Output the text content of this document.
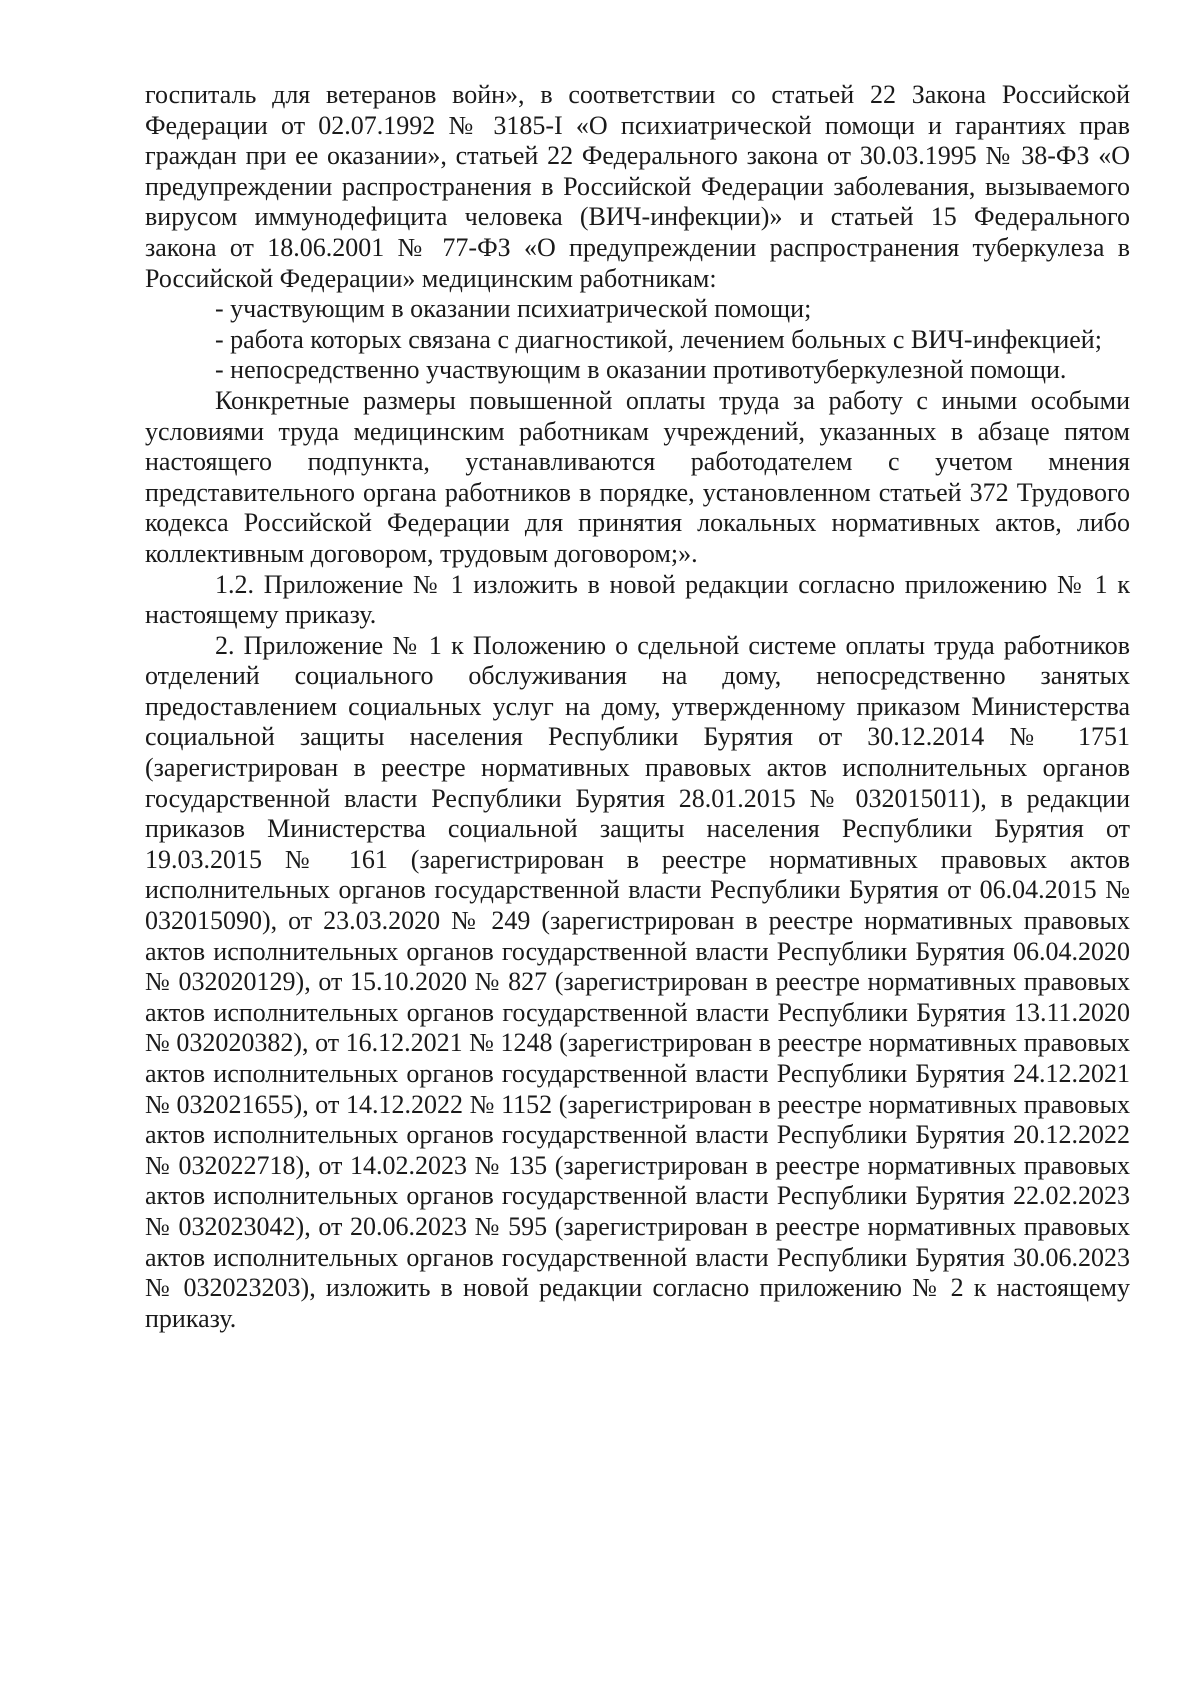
госпиталь для ветеранов войн», в соответствии со статьей 22 Закона Российской Федерации от 02.07.1992 № 3185-I «О психиатрической помощи и гарантиях прав граждан при ее оказании», статьей 22 Федерального закона от 30.03.1995 № 38-ФЗ «О предупреждении распространения в Российской Федерации заболевания, вызываемого вирусом иммунодефицита человека (ВИЧ-инфекции)» и статьей 15 Федерального закона от 18.06.2001 № 77-ФЗ «О предупреждении распространения туберкулеза в Российской Федерации» медицинским работникам:

- участвующим в оказании психиатрической помощи;

- работа которых связана с диагностикой, лечением больных с ВИЧ-инфекцией;

- непосредственно участвующим в оказании противотуберкулезной помощи.

Конкретные размеры повышенной оплаты труда за работу с иными особыми условиями труда медицинским работникам учреждений, указанных в абзаце пятом настоящего подпункта, устанавливаются работодателем с учетом мнения представительного органа работников в порядке, установленном статьей 372 Трудового кодекса Российской Федерации для принятия локальных нормативных актов, либо коллективным договором, трудовым договором;».

1.2. Приложение № 1 изложить в новой редакции согласно приложению № 1 к настоящему приказу.

2. Приложение № 1 к Положению о сдельной системе оплаты труда работников отделений социального обслуживания на дому, непосредственно занятых предоставлением социальных услуг на дому, утвержденному приказом Министерства социальной защиты населения Республики Бурятия от 30.12.2014 № 1751 (зарегистрирован в реестре нормативных правовых актов исполнительных органов государственной власти Республики Бурятия 28.01.2015 № 032015011), в редакции приказов Министерства социальной защиты населения Республики Бурятия от 19.03.2015 № 161 (зарегистрирован в реестре нормативных правовых актов исполнительных органов государственной власти Республики Бурятия от 06.04.2015 № 032015090), от 23.03.2020 № 249 (зарегистрирован в реестре нормативных правовых актов исполнительных органов государственной власти Республики Бурятия 06.04.2020 № 032020129), от 15.10.2020 № 827 (зарегистрирован в реестре нормативных правовых актов исполнительных органов государственной власти Республики Бурятия 13.11.2020 № 032020382), от 16.12.2021 № 1248 (зарегистрирован в реестре нормативных правовых актов исполнительных органов государственной власти Республики Бурятия 24.12.2021 № 032021655), от 14.12.2022 № 1152 (зарегистрирован в реестре нормативных правовых актов исполнительных органов государственной власти Республики Бурятия 20.12.2022 № 032022718), от 14.02.2023 № 135 (зарегистрирован в реестре нормативных правовых актов исполнительных органов государственной власти Республики Бурятия 22.02.2023 № 032023042), от 20.06.2023 № 595 (зарегистрирован в реестре нормативных правовых актов исполнительных органов государственной власти Республики Бурятия 30.06.2023 № 032023203), изложить в новой редакции согласно приложению № 2 к настоящему приказу.
